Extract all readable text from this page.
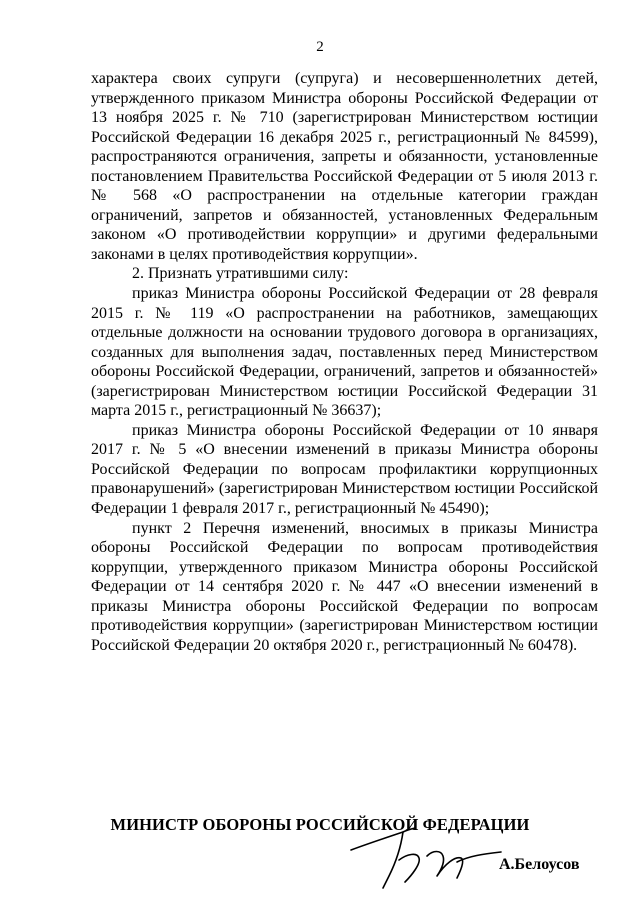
2

характера своих супруги (супруга) и несовершеннолетних детей, утвержденного приказом Министра обороны Российской Федерации от 13 ноября 2025 г. № 710 (зарегистрирован Министерством юстиции Российской Федерации 16 декабря 2025 г., регистрационный № 84599), распространяются ограничения, запреты и обязанности, установленные постановлением Правительства Российской Федерации от 5 июля 2013 г. № 568 «О распространении на отдельные категории граждан ограничений, запретов и обязанностей, установленных Федеральным законом «О противодействии коррупции» и другими федеральными законами в целях противодействия коррупции».

2. Признать утратившими силу:

приказ Министра обороны Российской Федерации от 28 февраля 2015 г. № 119 «О распространении на работников, замещающих отдельные должности на основании трудового договора в организациях, созданных для выполнения задач, поставленных перед Министерством обороны Российской Федерации, ограничений, запретов и обязанностей» (зарегистрирован Министерством юстиции Российской Федерации 31 марта 2015 г., регистрационный № 36637);

приказ Министра обороны Российской Федерации от 10 января 2017 г. № 5 «О внесении изменений в приказы Министра обороны Российской Федерации по вопросам профилактики коррупционных правонарушений» (зарегистрирован Министерством юстиции Российской Федерации 1 февраля 2017 г., регистрационный № 45490);

пункт 2 Перечня изменений, вносимых в приказы Министра обороны Российской Федерации по вопросам противодействия коррупции, утвержденного приказом Министра обороны Российской Федерации от 14 сентября 2020 г. № 447 «О внесении изменений в приказы Министра обороны Российской Федерации по вопросам противодействия коррупции» (зарегистрирован Министерством юстиции Российской Федерации 20 октября 2020 г., регистрационный № 60478).

МИНИСТР ОБОРОНЫ РОССИЙСКОЙ ФЕДЕРАЦИИ
А.Белоусов
